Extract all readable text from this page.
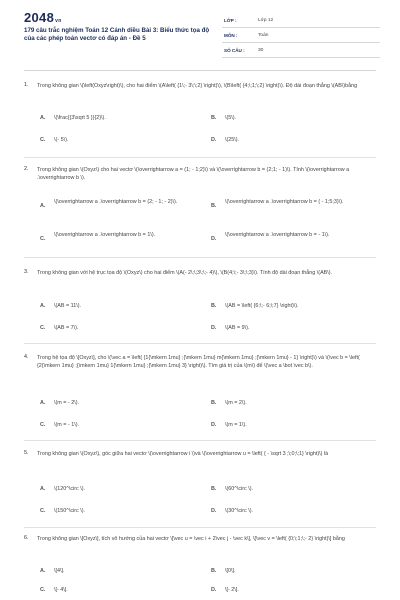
2048vn
179 câu trắc nghiệm Toán 12 Cánh diều Bài 3: Biểu thức tọa độ của các phép toán vectơ có đáp án - Đề 5
LỚP :	Lớp 12
MÔN :	Toán
SỐ CÂU :	30
1. Trong không gian \(\left(Oxyz\right)\), cho hai điểm \(A\left( {1\;- 3\;\;2} \right)\), \(B\left( {4;\;1;\;2} \right)\). Độ dài đoạn thẳng \(AB\)bằng
A. \(\frac{{3\sqrt 5 }}{2}\).	B. \(5\).
C. \(- 5\).	D. \(25\).
2. Trong không gian \(Oxyz\) cho hai vectơ \(\overrightarrow a = (1; - 1;2)\) và \(\overrightarrow b = (2;1; - 1)\). Tính \(\overrightarrow a .\overrightarrow b \).
A.
\(\overrightarrow a .\overrightarrow b = (2; - 1; - 2)\).
B.
\(\overrightarrow a .\overrightarrow b = ( - 1;5;3)\).
C.
\(\overrightarrow a .\overrightarrow b = 1\).
D.
\(\overrightarrow a .\overrightarrow b = - 1\).
3. Trong không gian với hệ trục tọa độ \(Oxyz\) cho hai điểm \(A(- 2\;\;3\;\;- 4)\), \(B(4;\;- 3\;\;3)\). Tính độ dài đoạn thẳng \(AB\).
A. \(AB = 11\).	B. \(AB = \left( {6;\;- 6;\;7} \right)\).
C. \(AB = 7\).	D. \(AB = 9\).
4. Trong hệ tọa độ \[Oxyz\], cho \(\vec a = \left( {1{\mkern 1mu} ;{\mkern 1mu} m{\mkern 1mu} ;{\mkern 1mu} - 1} \right)\) và \(\vec b = \left( {2{\mkern 1mu} ;{\mkern 1mu} 1{\mkern 1mu} ;{\mkern 1mu} 3} \right)\). Tìm giá trị của \(m\) để \(\vec a \bot \vec b\).
A. \(m = - 2\).	B. \(m = 2\).
C. \(m = - 1\).	D. \(m = 1\).
5. Trong không gian \(Oxyz\), góc giữa hai vectơ \(\overrightarrow i \)và \(\overrightarrow u = \left( { - \sqrt 3 ;\;0;\;1} \right)\) là
A. \(120^\circ \).	B. \(60^\circ \).
C. \(150^\circ \).	D. \(30^\circ \).
6. Trong không gian \[Oxyz\], tích vô hướng của hai vectơ \[\vec u = \vec i + 2\vec j - \vec k\], \[\vec v = \left( {0;\;1;\;- 2} \right)\] bằng
A. \[4\].	B. \[0\].
C. \[- 4\].	D. \[- 2\].
